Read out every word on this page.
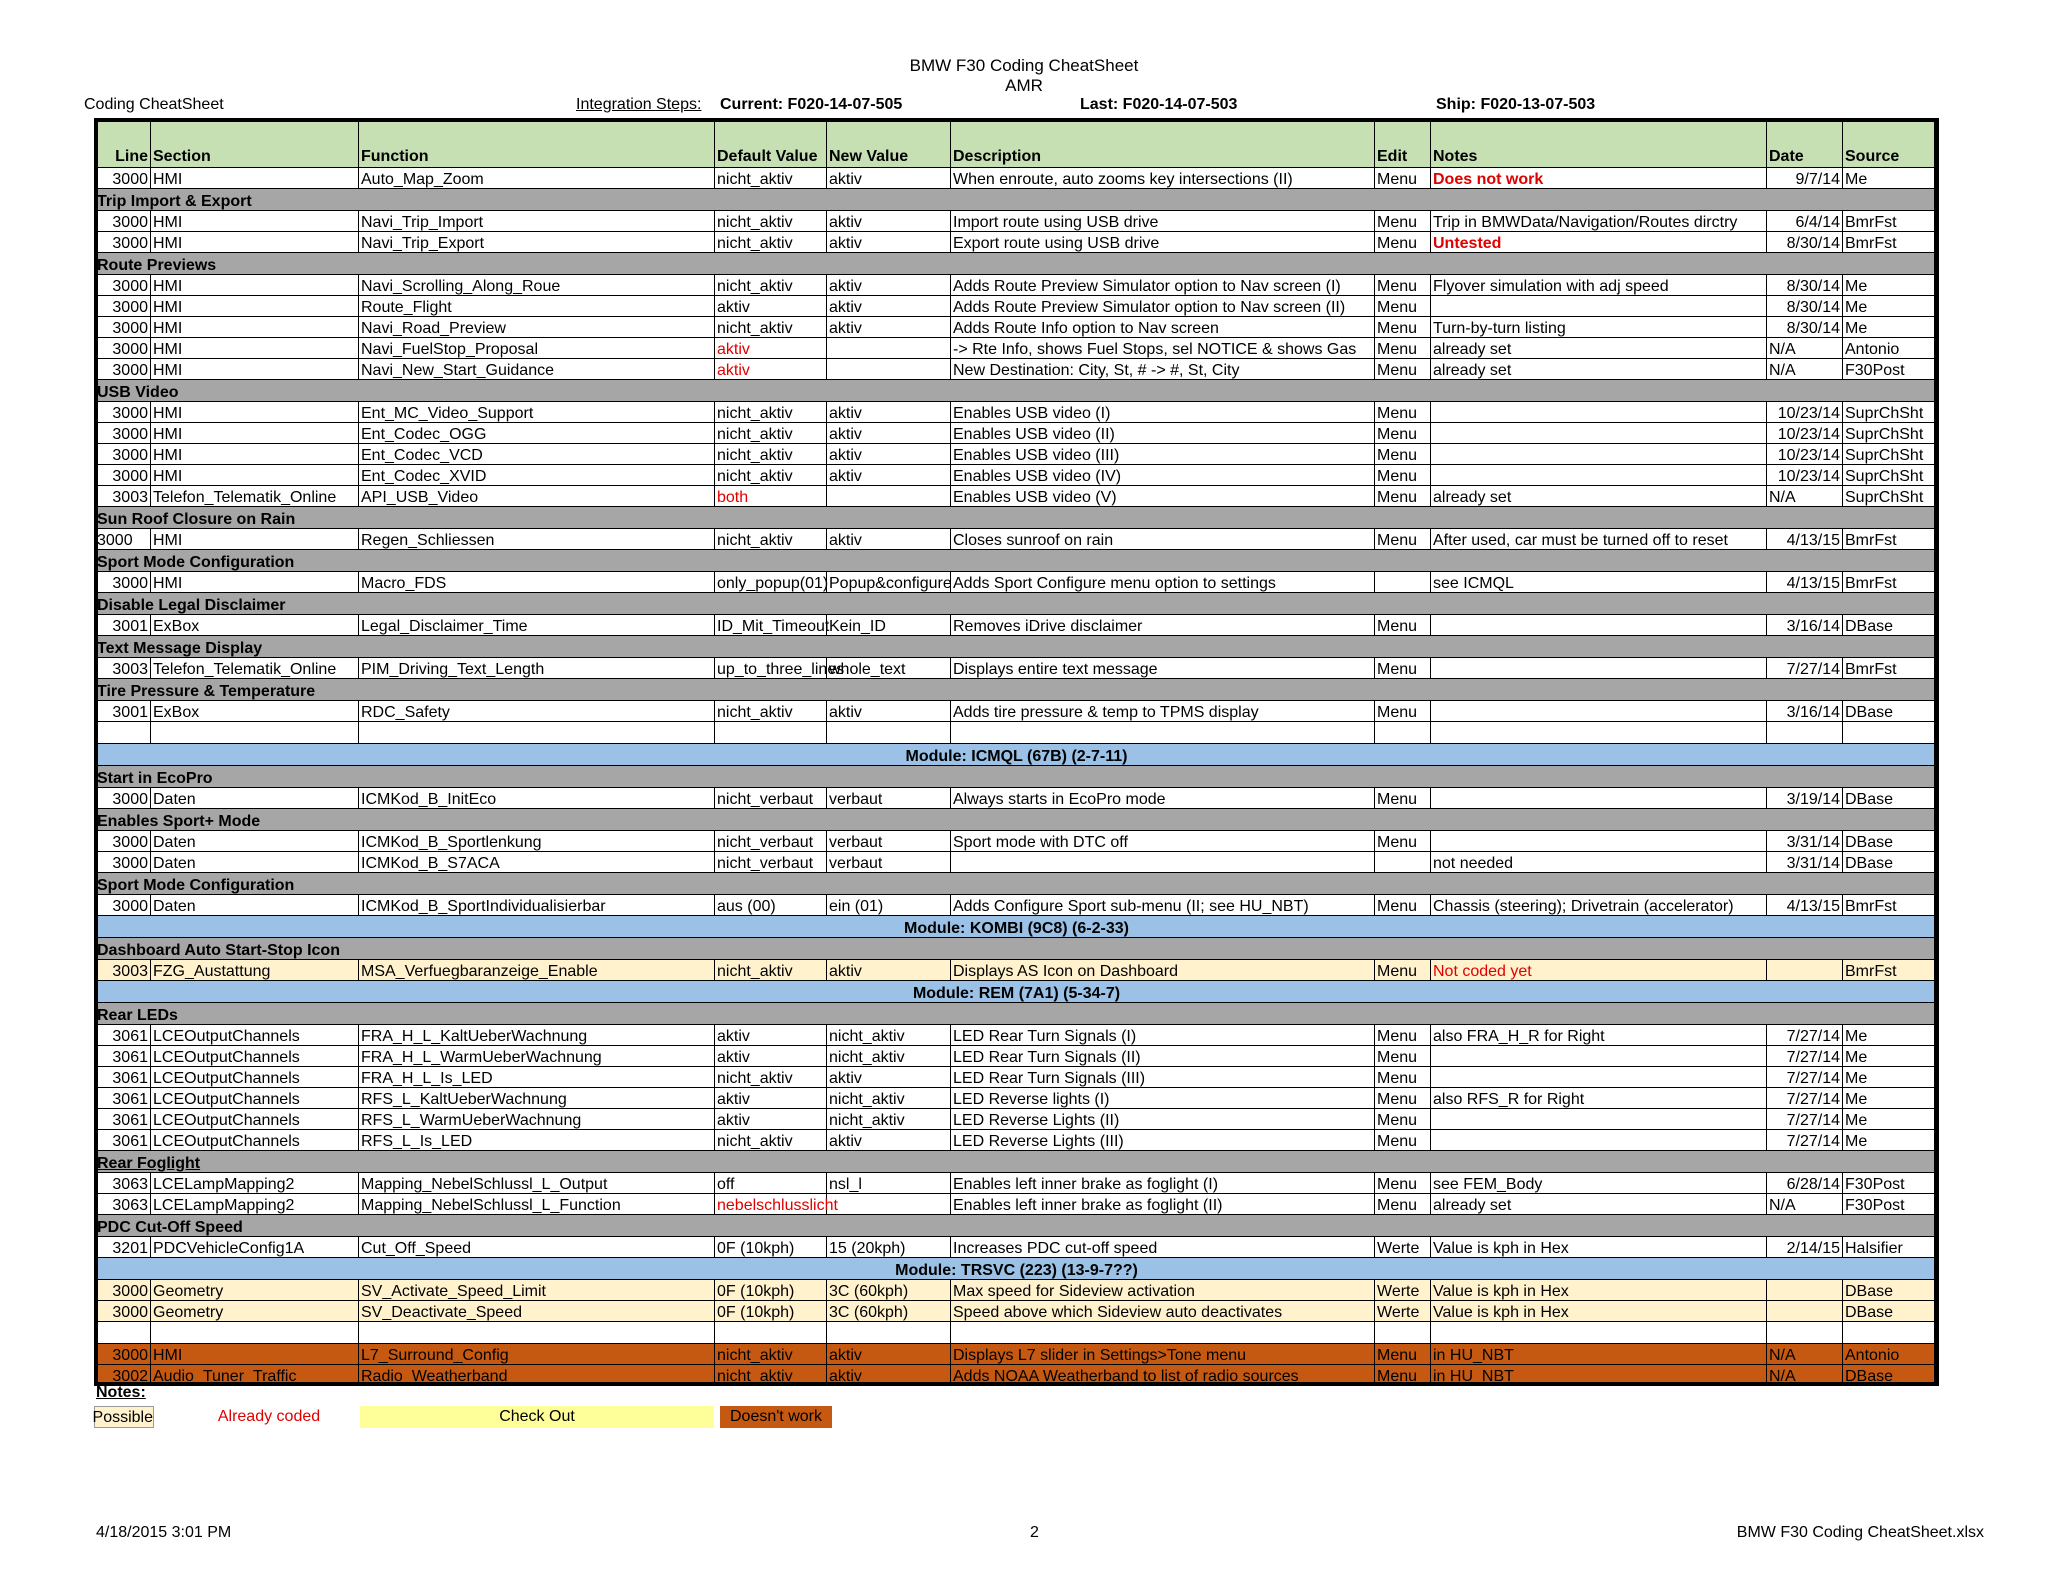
BMW F30 Coding CheatSheet
AMR
Coding CheatSheet	Integration Steps: Current: F020-14-07-505	Last: F020-14-07-503	Ship: F020-13-07-503
Line	Section	Function	Default Value	New Value	Description	Edit	Notes	Date	Source
3000	HMI	Auto_Map_Zoom	nicht_aktiv	aktiv	When enroute, auto zooms key intersections (II)	Menu	Does not work	9/7/14	Me
Trip Import & Export									
3000	HMI	Navi_Trip_Import	nicht_aktiv	aktiv	Import route using USB drive	Menu	Trip in BMWData/Navigation/Routes dirctry	6/4/14	BmrFst
3000	HMI	Navi_Trip_Export	nicht_aktiv	aktiv	Export route using USB drive	Menu	Untested	8/30/14	BmrFst
Route Previews									
3000	HMI	Navi_Scrolling_Along_Roue	nicht_aktiv	aktiv	Adds Route Preview Simulator option to Nav screen (I)	Menu	Flyover simulation with adj speed	8/30/14	Me
3000	HMI	Route_Flight	aktiv	aktiv	Adds Route Preview Simulator option to Nav screen (II)	Menu		8/30/14	Me
3000	HMI	Navi_Road_Preview	nicht_aktiv	aktiv	Adds Route Info option to Nav screen	Menu	Turn-by-turn listing	8/30/14	Me
3000	HMI	Navi_FuelStop_Proposal	aktiv		-> Rte Info, shows Fuel Stops, sel NOTICE & shows Gas	Menu	already set	N/A	Antonio
3000	HMI	Navi_New_Start_Guidance	aktiv		New Destination: City, St, # -> #, St, City	Menu	already set	N/A	F30Post
USB Video									
3000	HMI	Ent_MC_Video_Support	nicht_aktiv	aktiv	Enables USB video (I)	Menu		10/23/14	SuprChSht
3000	HMI	Ent_Codec_OGG	nicht_aktiv	aktiv	Enables USB video (II)	Menu		10/23/14	SuprChSht
3000	HMI	Ent_Codec_VCD	nicht_aktiv	aktiv	Enables USB video (III)	Menu		10/23/14	SuprChSht
3000	HMI	Ent_Codec_XVID	nicht_aktiv	aktiv	Enables USB video (IV)	Menu		10/23/14	SuprChSht
3003	Telefon_Telematik_Online	API_USB_Video	both		Enables USB video (V)	Menu	already set	N/A	SuprChSht
Sun Roof Closure on Rain									
3000	HMI	Regen_Schliessen	nicht_aktiv	aktiv	Closes sunroof on rain	Menu	After used, car must be turned off to reset	4/13/15	BmrFst
Sport Mode Configuration									
3000	HMI	Macro_FDS	only_popup(01)	Popup&configure	Adds Sport Configure menu option to settings		see ICMQL	4/13/15	BmrFst
Disable Legal Disclaimer									
3001	ExBox	Legal_Disclaimer_Time	ID_Mit_Timeout	Kein_ID	Removes iDrive disclaimer	Menu		3/16/14	DBase
Text Message Display									
3003	Telefon_Telematik_Online	PIM_Driving_Text_Length	up_to_three_lines	whole_text	Displays entire text message	Menu		7/27/14	BmrFst
Tire Pressure & Temperature									
3001	ExBox	RDC_Safety	nicht_aktiv	aktiv	Adds tire pressure & temp to TPMS display	Menu		3/16/14	DBase

Module: ICMQL (67B) (2-7-11)									
Start in EcoPro									
3000	Daten	ICMKod_B_InitEco	nicht_verbaut	verbaut	Always starts in EcoPro mode	Menu		3/19/14	DBase
Enables Sport+ Mode									
3000	Daten	ICMKod_B_Sportlenkung	nicht_verbaut	verbaut	Sport mode with DTC off	Menu		3/31/14	DBase
3000	Daten	ICMKod_B_S7ACA	nicht_verbaut	verbaut			not needed	3/31/14	DBase
Sport Mode Configuration									
3000	Daten	ICMKod_B_SportIndividualisierbar	aus (00)	ein (01)	Adds Configure Sport sub-menu (II; see HU_NBT)	Menu	Chassis (steering); Drivetrain (accelerator)	4/13/15	BmrFst
Module: KOMBI (9C8) (6-2-33)									
Dashboard Auto Start-Stop Icon									
3003	FZG_Austattung	MSA_Verfuegbaranzeige_Enable	nicht_aktiv	aktiv	Displays AS Icon on Dashboard	Menu	Not coded yet		BmrFst
Module: REM (7A1) (5-34-7)									
Rear LEDs									
3061	LCEOutputChannels	FRA_H_L_KaltUeberWachnung	aktiv	nicht_aktiv	LED Rear Turn Signals (I)	Menu	also FRA_H_R for Right	7/27/14	Me
3061	LCEOutputChannels	FRA_H_L_WarmUeberWachnung	aktiv	nicht_aktiv	LED Rear Turn Signals (II)	Menu		7/27/14	Me
3061	LCEOutputChannels	FRA_H_L_Is_LED	nicht_aktiv	aktiv	LED Rear Turn Signals (III)	Menu		7/27/14	Me
3061	LCEOutputChannels	RFS_L_KaltUeberWachnung	aktiv	nicht_aktiv	LED Reverse lights (I)	Menu	also RFS_R for Right	7/27/14	Me
3061	LCEOutputChannels	RFS_L_WarmUeberWachnung	aktiv	nicht_aktiv	LED Reverse Lights (II)	Menu		7/27/14	Me
3061	LCEOutputChannels	RFS_L_Is_LED	nicht_aktiv	aktiv	LED Reverse Lights (III)	Menu		7/27/14	Me
Rear Foglight									
3063	LCELampMapping2	Mapping_NebelSchlussl_L_Output	off	nsl_l	Enables left inner brake as foglight (I)	Menu	see FEM_Body	6/28/14	F30Post
3063	LCELampMapping2	Mapping_NebelSchlussl_L_Function	nebelschlusslicht		Enables left inner brake as foglight (II)	Menu	already set	N/A	F30Post
PDC Cut-Off Speed									
3201	PDCVehicleConfig1A	Cut_Off_Speed	0F (10kph)	15 (20kph)	Increases PDC cut-off speed	Werte	Value is kph in Hex	2/14/15	Halsifier
Module: TRSVC (223) (13-9-7??)									
3000	Geometry	SV_Activate_Speed_Limit	0F (10kph)	3C (60kph)	Max speed for Sideview activation	Werte	Value is kph in Hex		DBase
3000	Geometry	SV_Deactivate_Speed	0F (10kph)	3C (60kph)	Speed above which Sideview auto deactivates	Werte	Value is kph in Hex		DBase

3000	HMI	L7_Surround_Config	nicht_aktiv	aktiv	Displays L7 slider in Settings>Tone menu	Menu	in HU_NBT	N/A	Antonio
3002	Audio_Tuner_Traffic	Radio_Weatherband	nicht_aktiv	aktiv	Adds NOAA Weatherband to list of radio sources	Menu	in HU_NBT	N/A	DBase
Notes:
Possible	Already coded	Check Out	Doesn't work
4/18/2015 3:01 PM	2	BMW F30 Coding CheatSheet.xlsx
